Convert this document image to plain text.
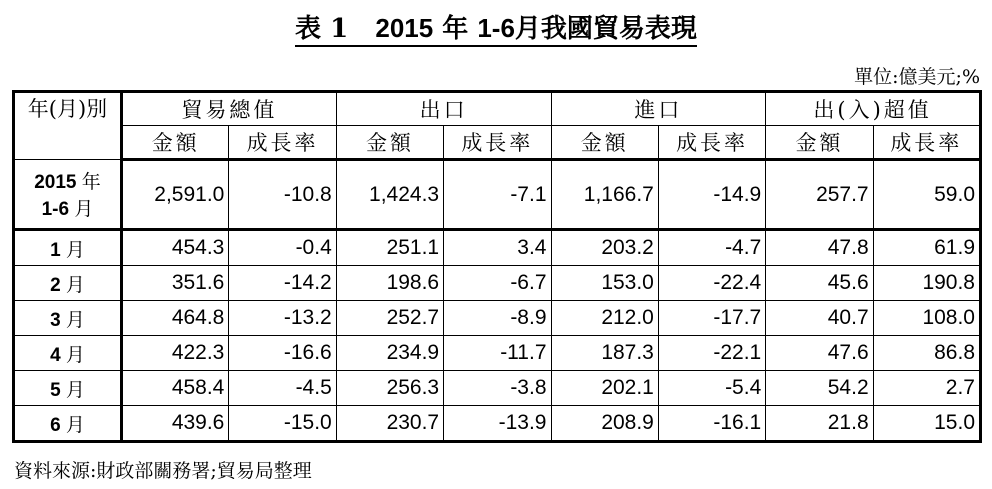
表 1 2015 年 1-6月我國貿易表現
單位:億美元;%
年(月)別	貿易總值		出口		進口		出(入)超值	
	金額	成長率	金額	成長率	金額	成長率	金額	成長率
2015 年
1-6 月	2,591.0	-10.8	1,424.3	-7.1	1,166.7	-14.9	257.7	59.0
1 月	454.3	-0.4	251.1	3.4	203.2	-4.7	47.8	61.9
2 月	351.6	-14.2	198.6	-6.7	153.0	-22.4	45.6	190.8
3 月	464.8	-13.2	252.7	-8.9	212.0	-17.7	40.7	108.0
4 月	422.3	-16.6	234.9	-11.7	187.3	-22.1	47.6	86.8
5 月	458.4	-4.5	256.3	-3.8	202.1	-5.4	54.2	2.7
6 月	439.6	-15.0	230.7	-13.9	208.9	-16.1	21.8	15.0
資料來源:財政部關務署;貿易局整理
